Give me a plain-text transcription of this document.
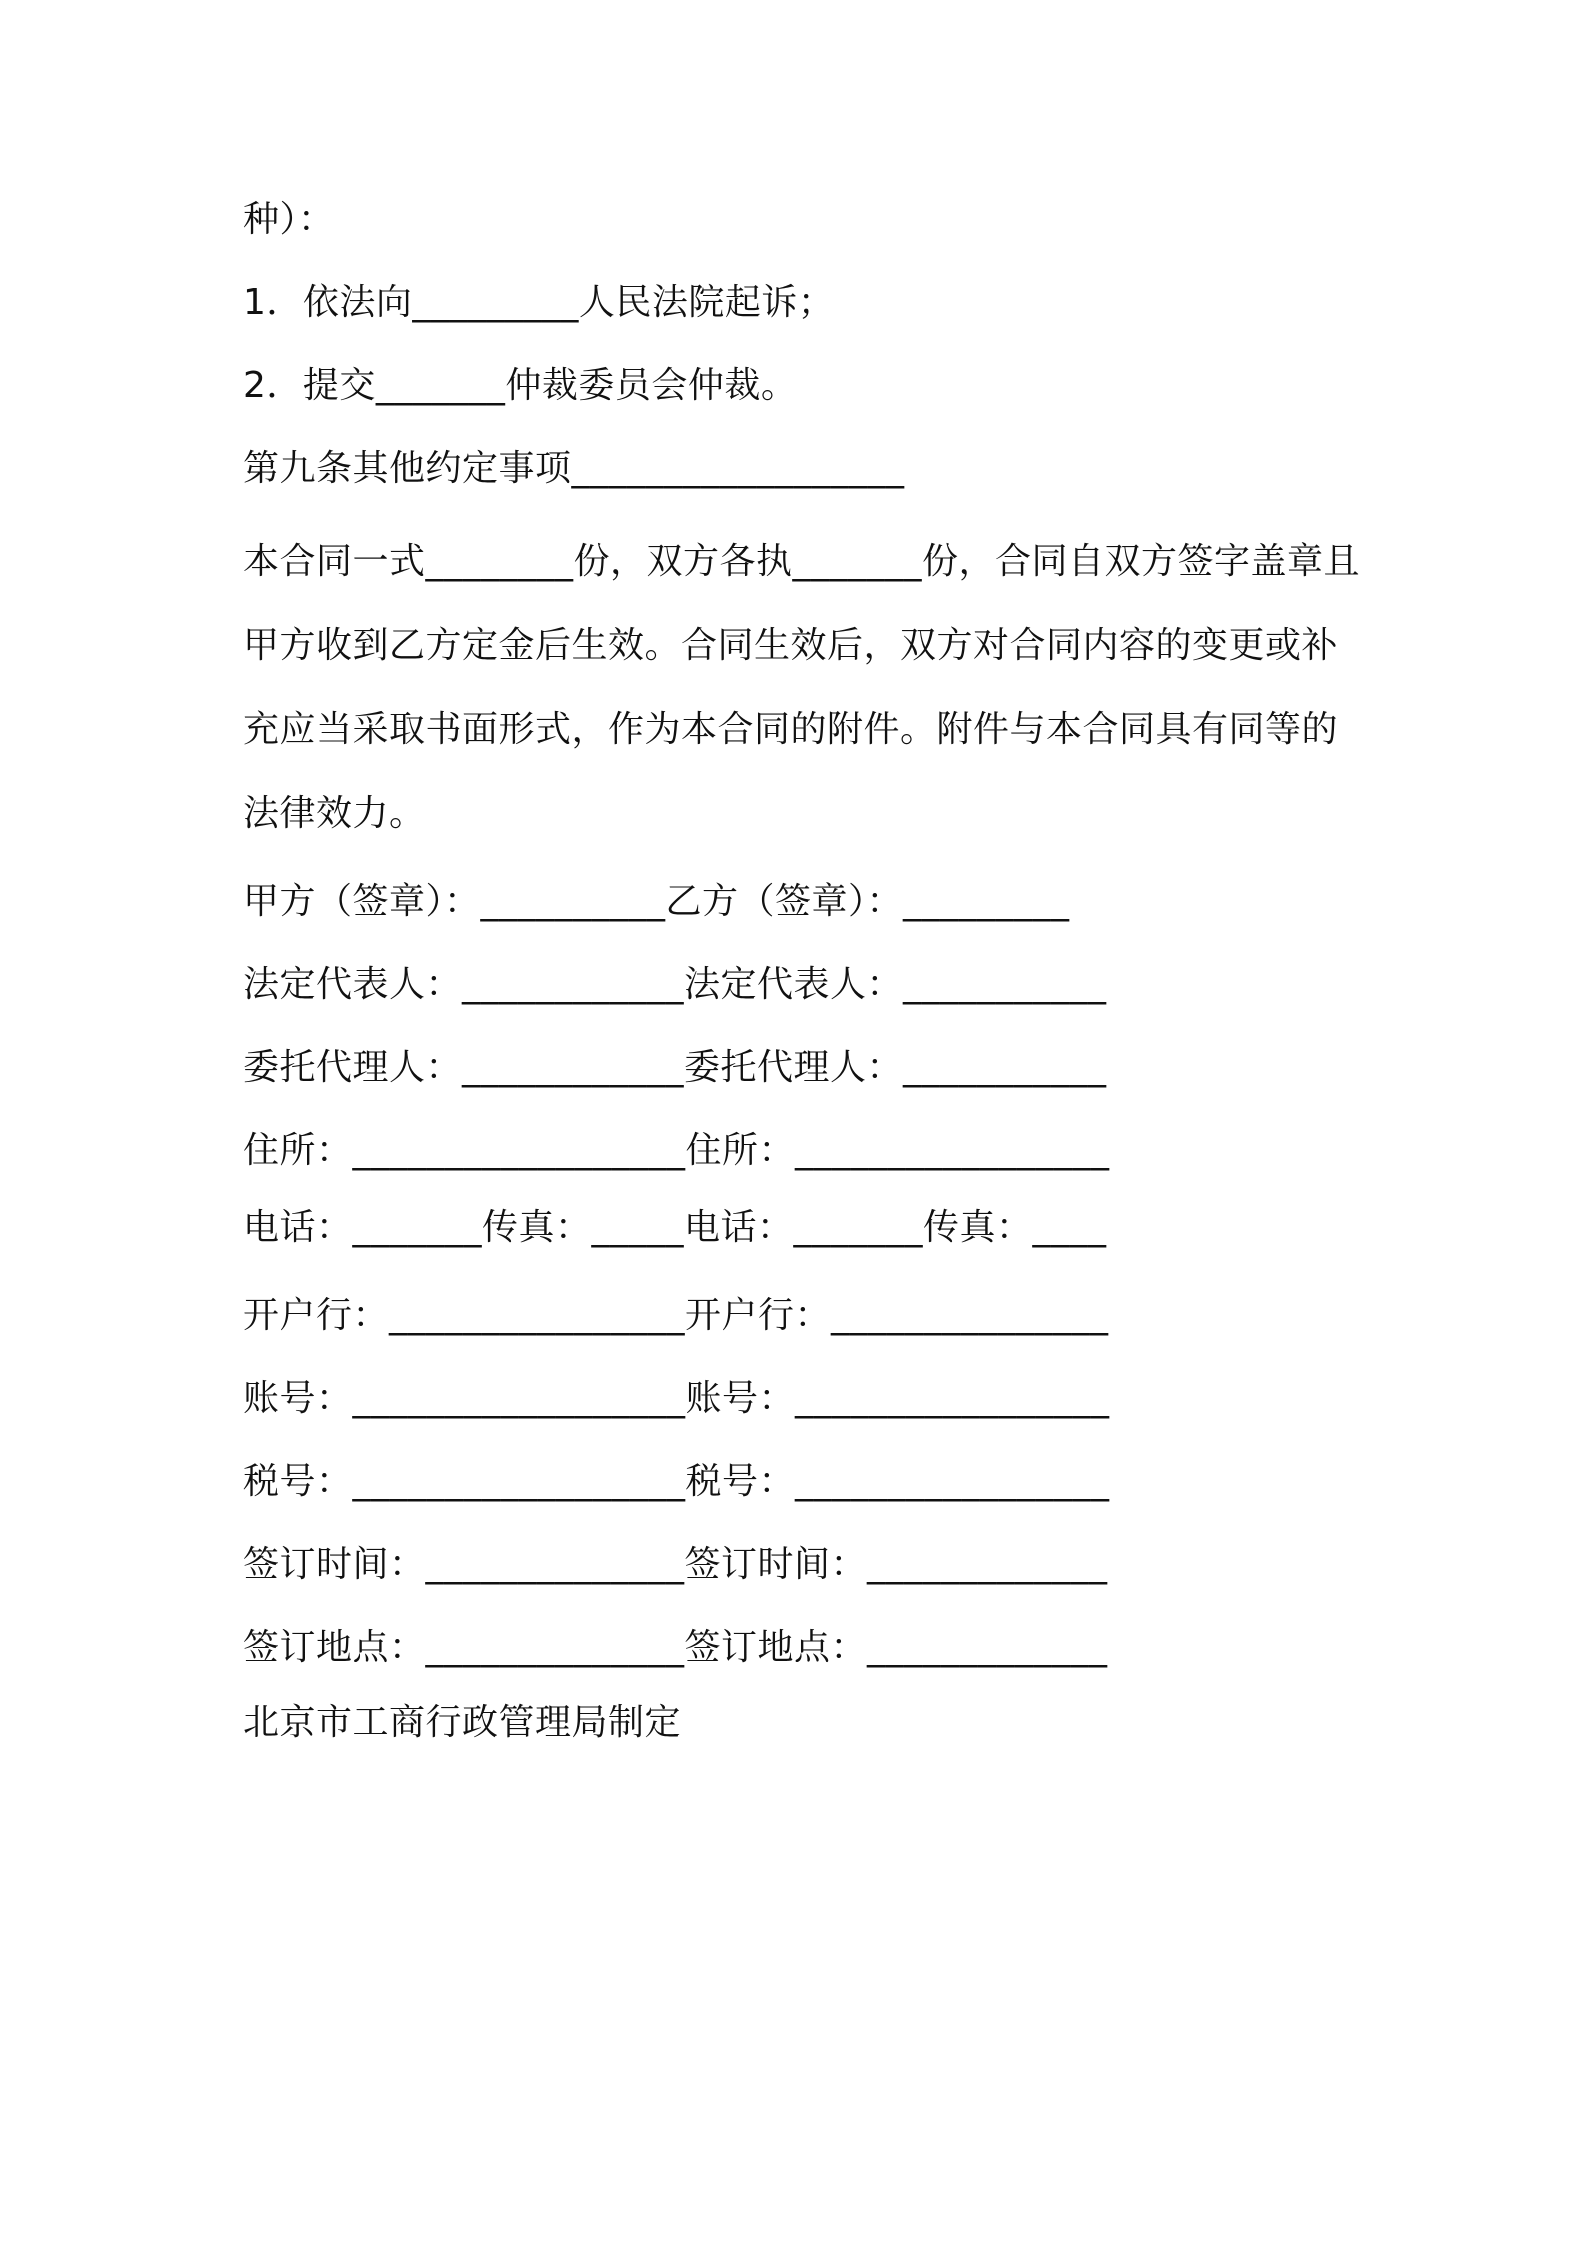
种）：
1．依法向_________人民法院起诉；
2．提交_______仲裁委员会仲裁。
第九条其他约定事项__________________
本合同一式________份，双方各执_______份，合同自双方签字盖章且甲方收到乙方定金后生效。合同生效后，双方对合同内容的变更或补充应当采取书面形式，作为本合同的附件。附件与本合同具有同等的法律效力。
甲方（签章）：__________乙方（签章）：_________
法定代表人：____________法定代表人：___________
委托代理人：____________委托代理人：___________
住所：__________________住所：_________________
电话：_______传真：_____电话：_______传真：____
开户行：________________开户行：_______________
账号：__________________账号：_________________
税号：__________________税号：_________________
签订时间：______________签订时间：_____________
签订地点：______________签订地点：_____________
北京市工商行政管理局制定
